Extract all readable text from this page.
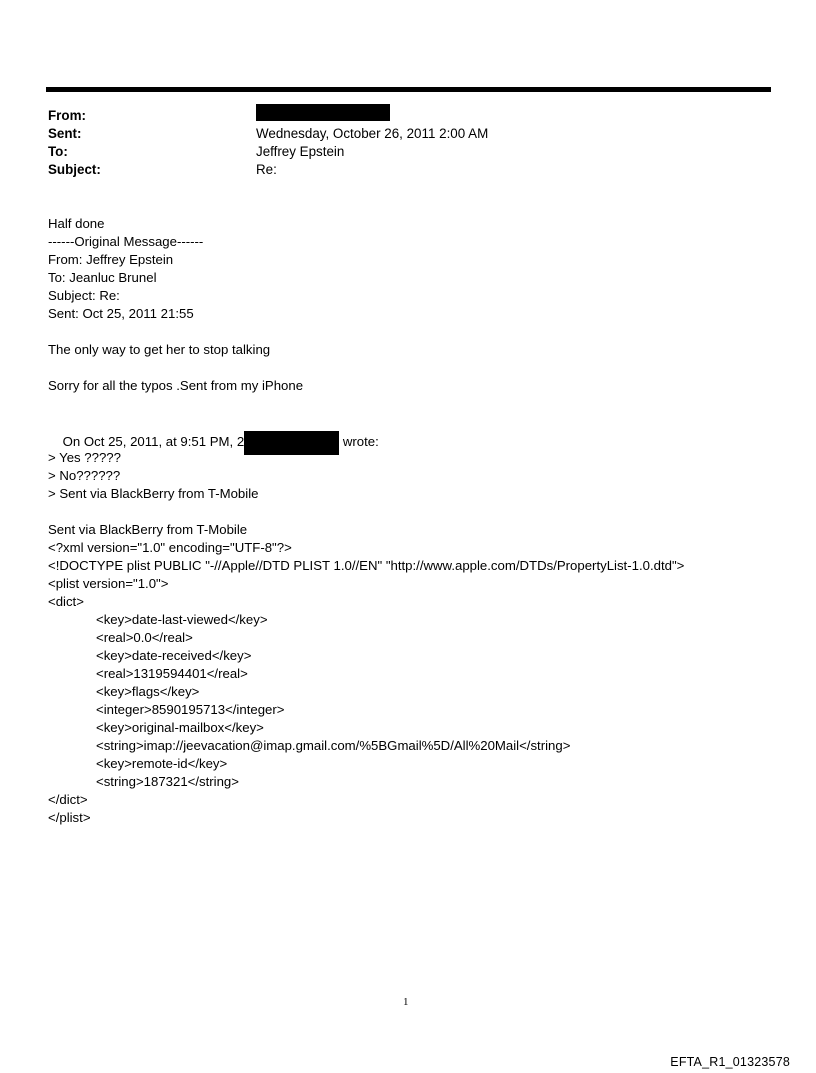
From:
Sent:	Wednesday, October 26, 2011 2:00 AM
To:	Jeffrey Epstein
Subject:	Re:
Half done
------Original Message------
From: Jeffrey Epstein
To: Jeanluc Brunel
Subject: Re:
Sent: Oct 25, 2011 21:55
The only way to get her to stop talking
Sorry for all the typos .Sent from my iPhone

On Oct 25, 2011, at 9:51 PM, 2	wrote:

> Yes ?????
> No??????
> Sent via BlackBerry from T-Mobile
Sent via BlackBerry from T-Mobile
<?xml version="1.0" encoding="UTF-8"?>
<!DOCTYPE plist PUBLIC "-//Apple//DTD PLIST 1.0//EN" "http://www.apple.com/DTDs/PropertyList-1.0.dtd">
<plist version="1.0">
<dict>
<key>date-last-viewed</key>
<real>0.0</real>
<key>date-received</key>
<real>1319594401</real>
<key>flags</key>
<integer>8590195713</integer>
<key>original-mailbox</key>
<string>imap://jeevacation@imap.gmail.com/%5BGmail%5D/All%20Mail</string>
<key>remote-id</key>
<string>187321</string>
</dict>
</plist>
1
EFTA_R1_01323578
